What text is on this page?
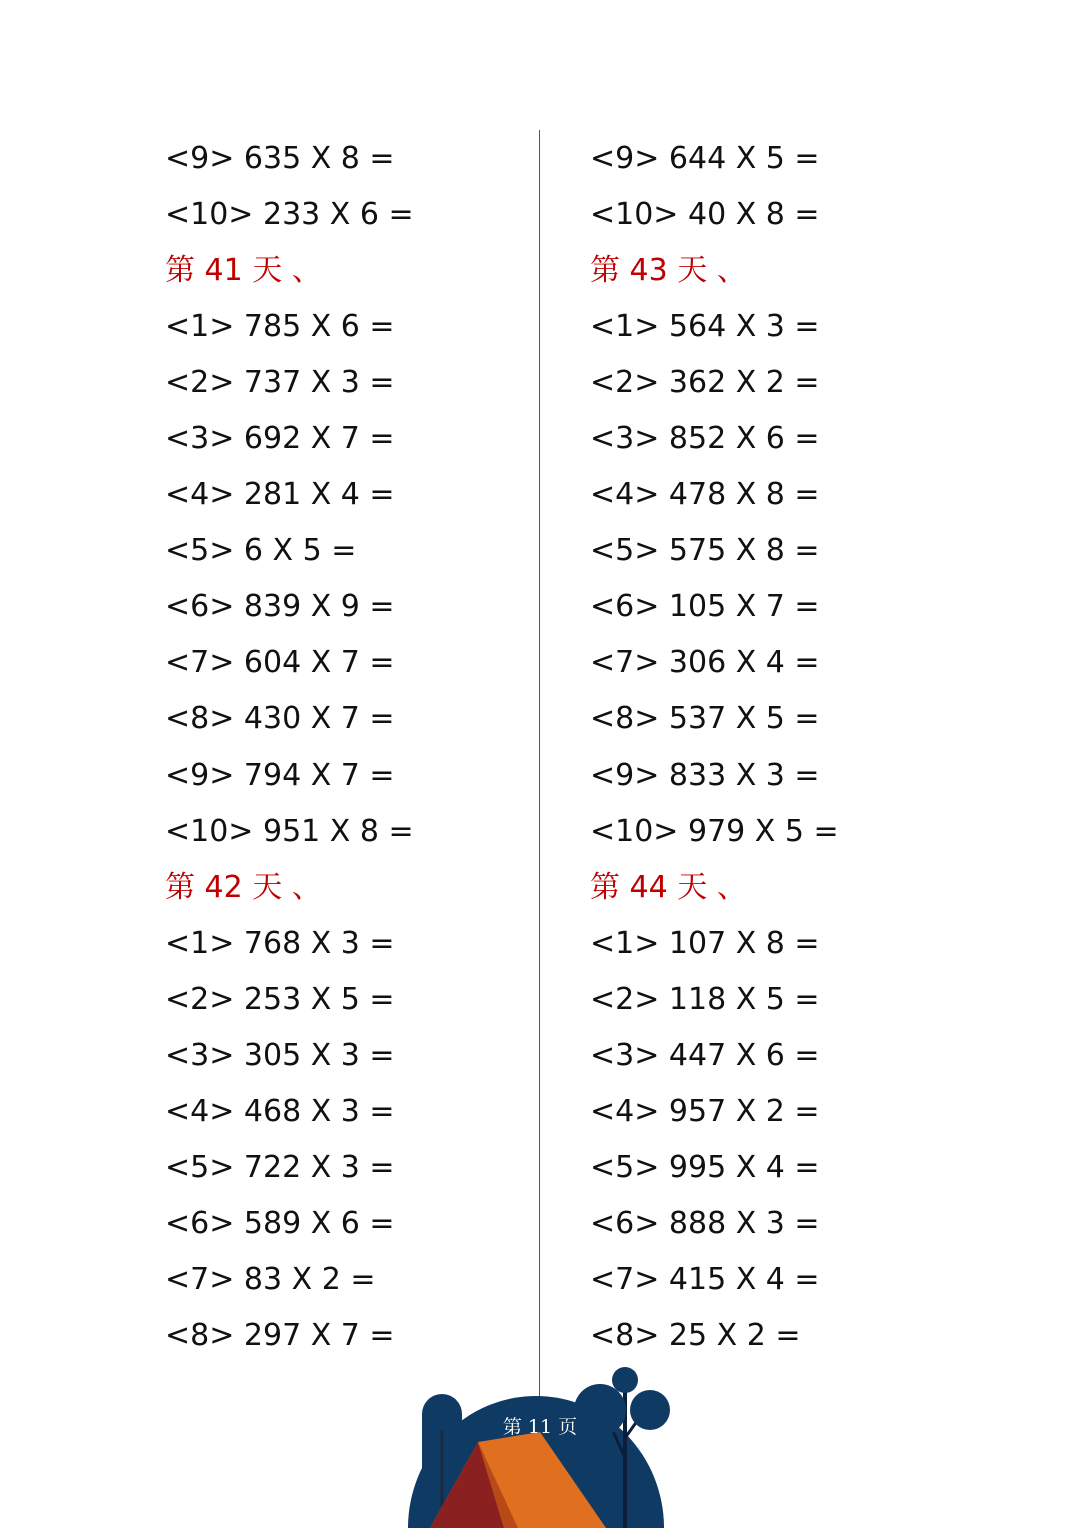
<9> 635 X 8 =
<10> 233 X 6 =
第 41 天 、
<1> 785 X 6 =
<2> 737 X 3 =
<3> 692 X 7 =
<4> 281 X 4 =
<5> 6 X 5 =
<6> 839 X 9 =
<7> 604 X 7 =
<8> 430 X 7 =
<9> 794 X 7 =
<10> 951 X 8 =
第 42 天 、
<1> 768 X 3 =
<2> 253 X 5 =
<3> 305 X 3 =
<4> 468 X 3 =
<5> 722 X 3 =
<6> 589 X 6 =
<7> 83 X 2 =
<8> 297 X 7 =
<9> 644 X 5 =
<10> 40 X 8 =
第 43 天 、
<1> 564 X 3 =
<2> 362 X 2 =
<3> 852 X 6 =
<4> 478 X 8 =
<5> 575 X 8 =
<6> 105 X 7 =
<7> 306 X 4 =
<8> 537 X 5 =
<9> 833 X 3 =
<10> 979 X 5 =
第 44 天 、
<1> 107 X 8 =
<2> 118 X 5 =
<3> 447 X 6 =
<4> 957 X 2 =
<5> 995 X 4 =
<6> 888 X 3 =
<7> 415 X 4 =
<8> 25 X 2 =
第 11 页
